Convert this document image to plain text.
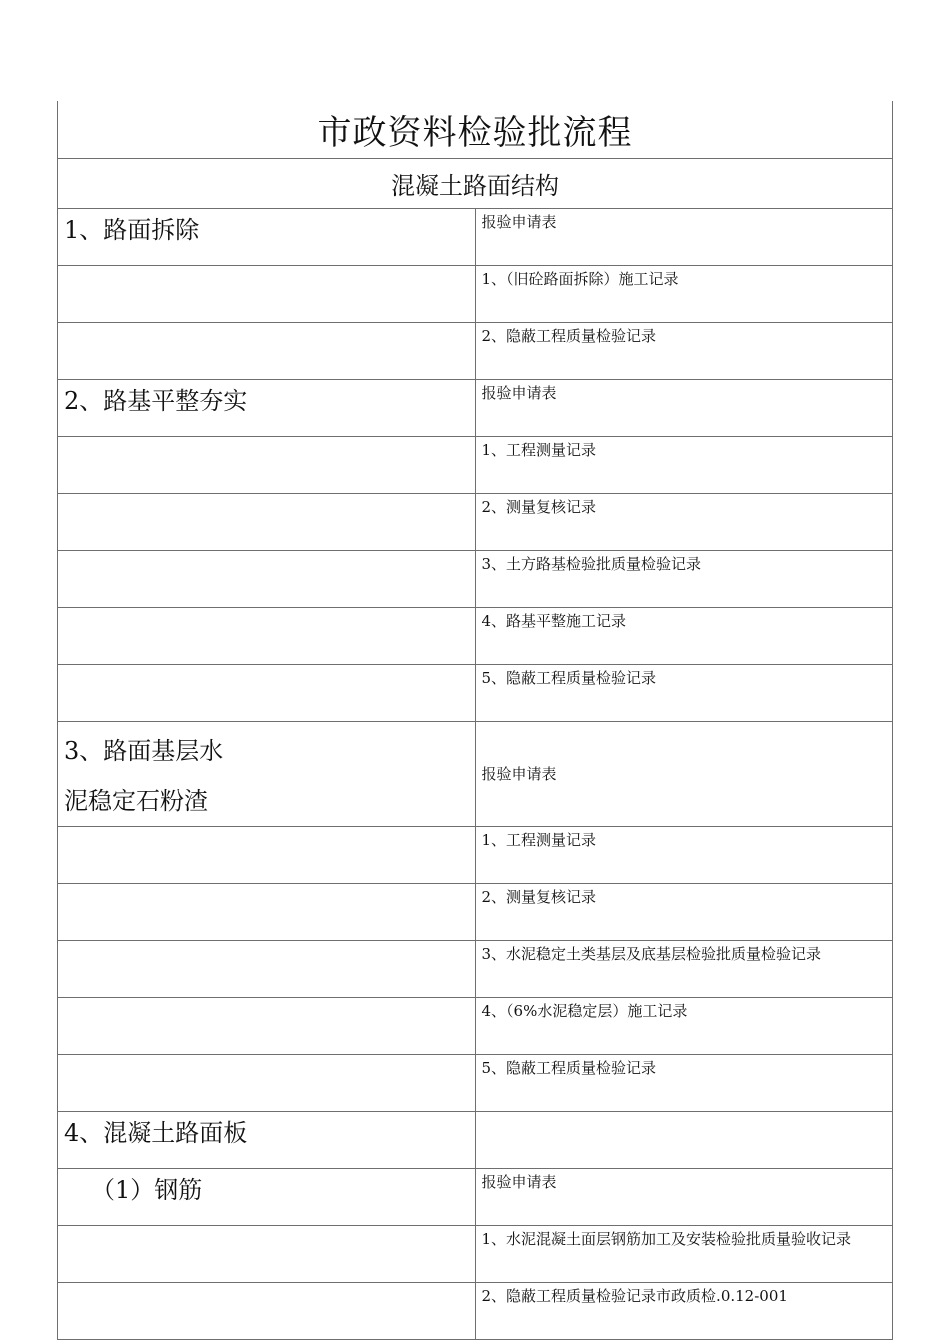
市政资料检验批流程	
混凝土路面结构	
1、路面拆除	报验申请表
	1、（旧砼路面拆除）施工记录
	2、隐蔽工程质量检验记录
2、路基平整夯实	报验申请表
	1、工程测量记录
	2、测量复核记录
	3、土方路基检验批质量检验记录
	4、路基平整施工记录
	5、隐蔽工程质量检验记录

3、路面基层水
泥稳定石粉渣	报验申请表
	1、工程测量记录
	2、测量复核记录
	3、水泥稳定土类基层及底基层检验批质量检验记录
	4、（6%水泥稳定层）施工记录
	5、隐蔽工程质量检验记录
4、混凝土路面板	
（1）钢筋	报验申请表
	1、水泥混凝土面层钢筋加工及安装检验批质量验收记录
	2、隐蔽工程质量检验记录市政质检.0.12-001
